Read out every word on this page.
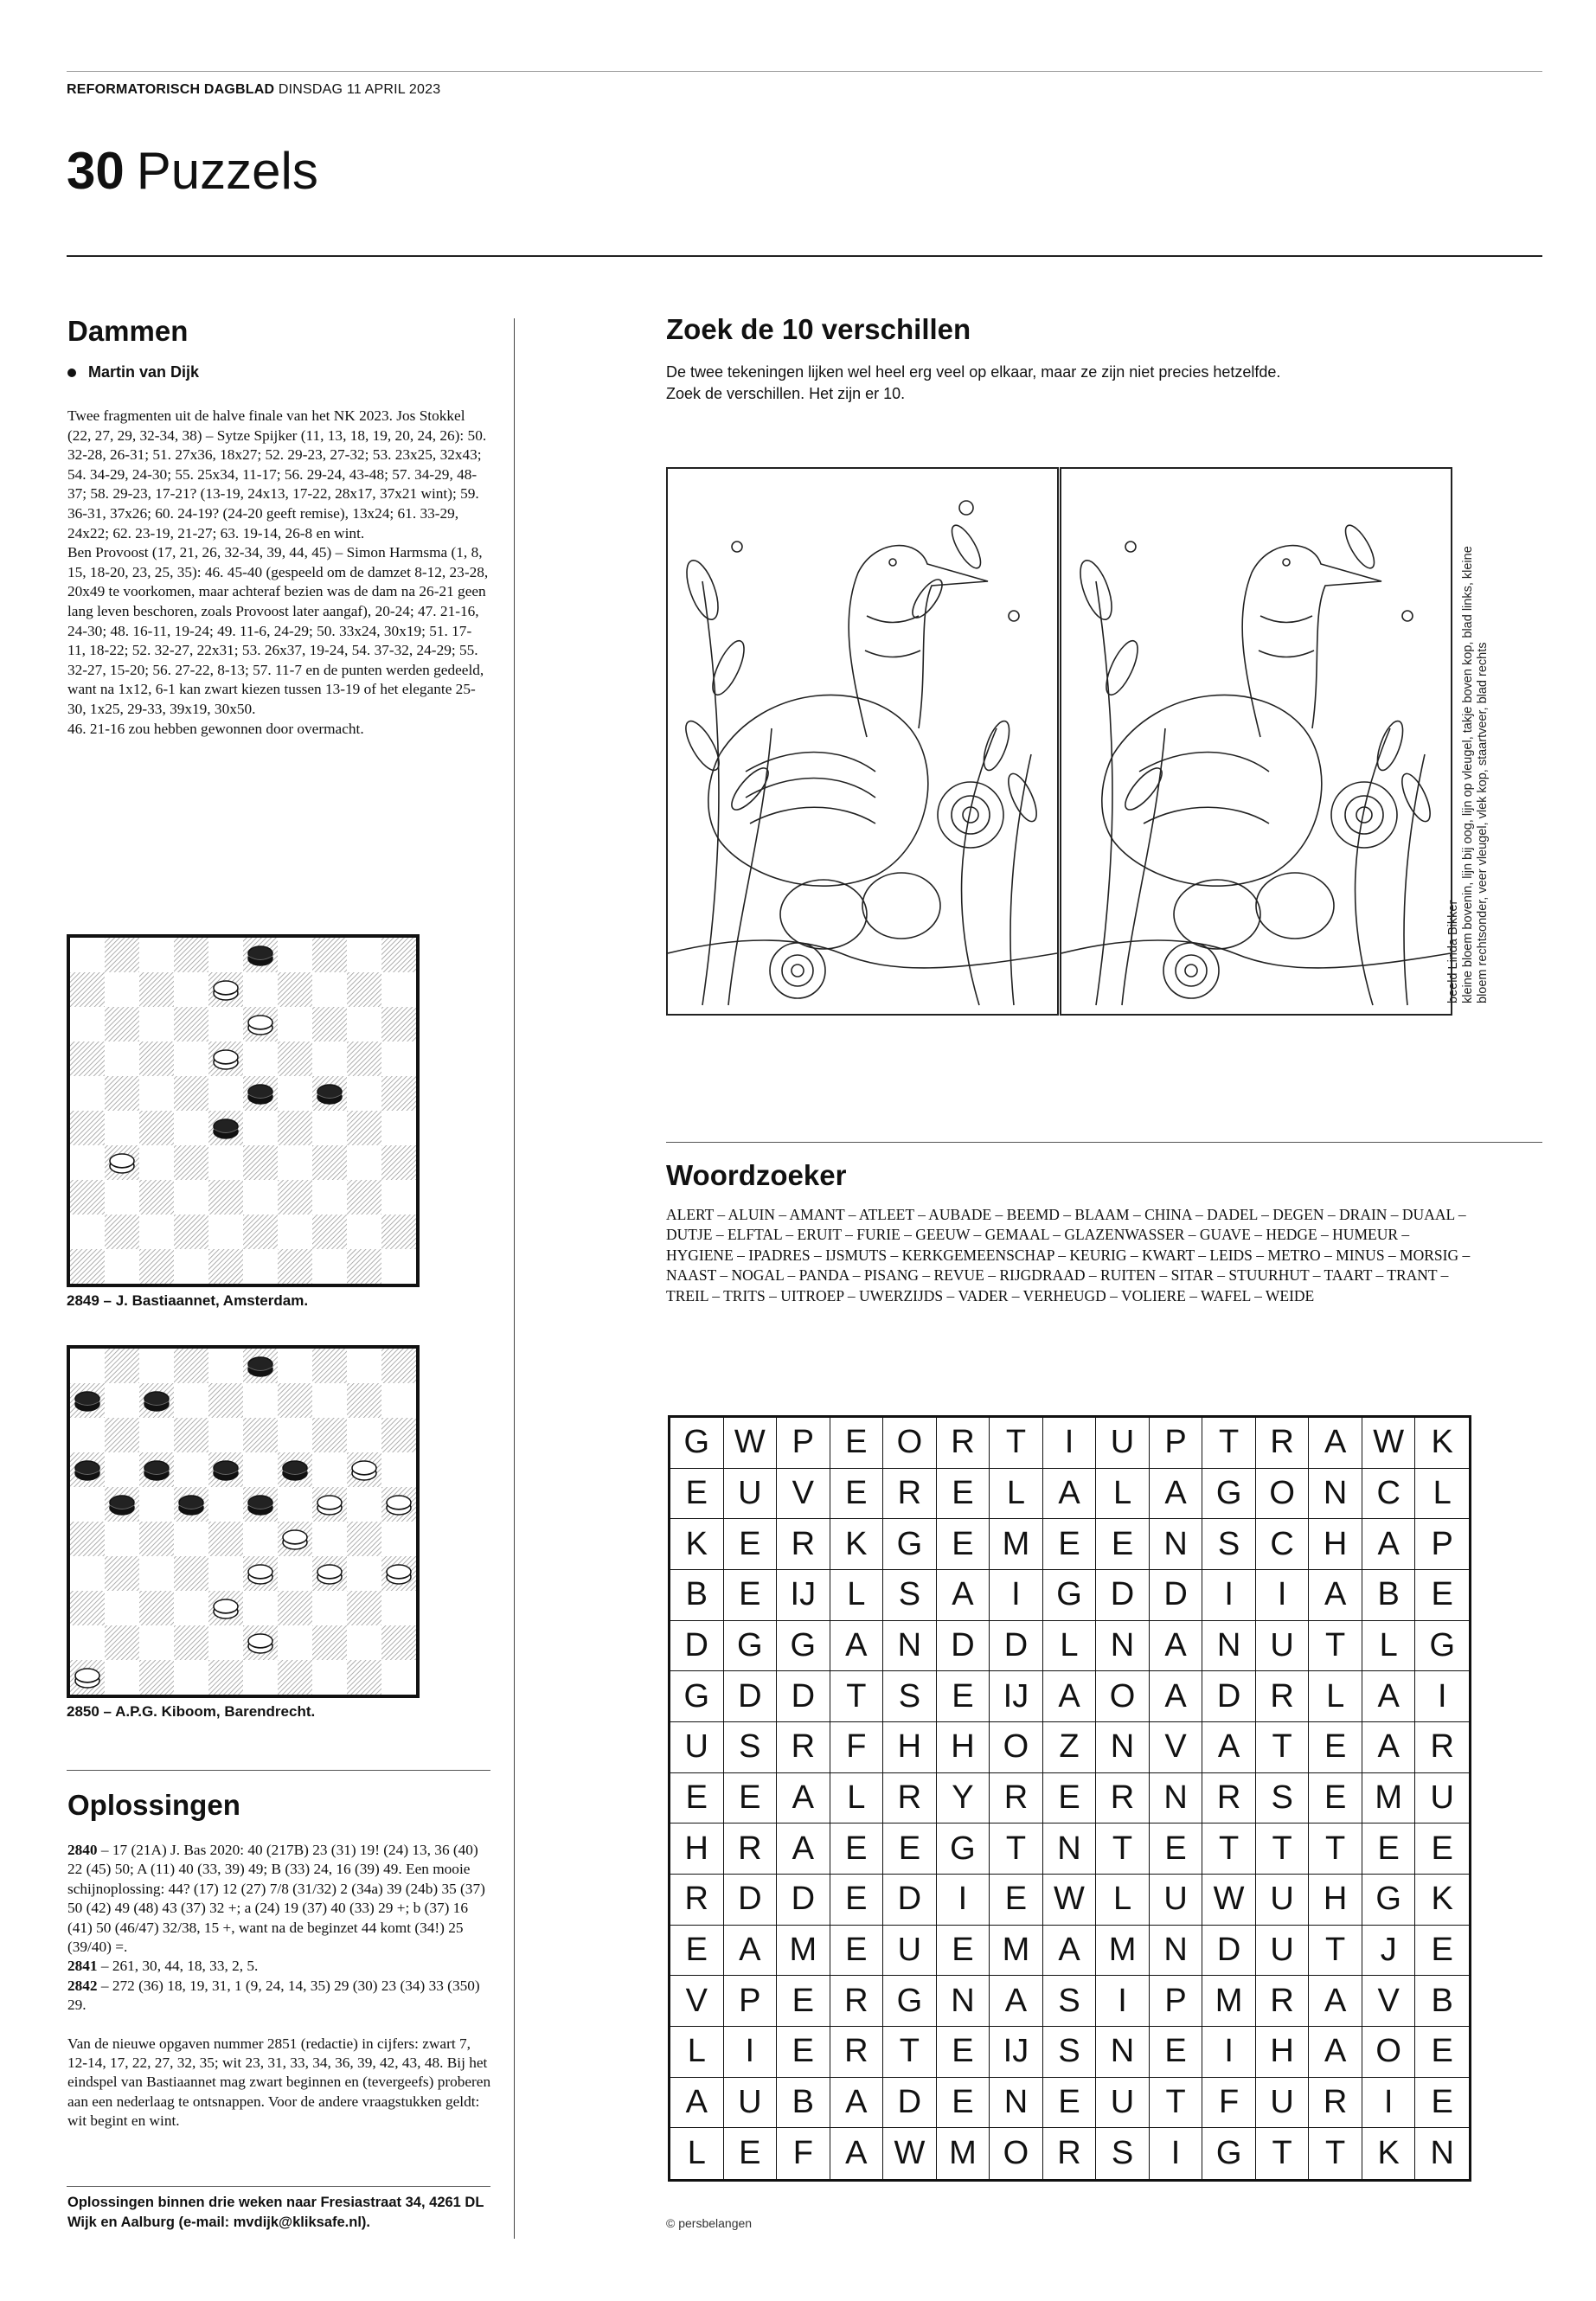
REFORMATORISCH DAGBLAD DINSDAG 11 APRIL 2023
30 Puzzels
Dammen
Martin van Dijk

Twee fragmenten uit de halve finale van het NK 2023. Jos Stokkel (22, 27, 29, 32-34, 38) – Sytze Spijker (11, 13, 18, 19, 20, 24, 26): 50. 32-28, 26-31; 51. 27x36, 18x27; 52. 29-23, 27-32; 53. 23x25, 32x43; 54. 34-29, 24-30; 55. 25x34, 11-17; 56. 29-24, 43-48; 57. 34-29, 48-37; 58. 29-23, 17-21? (13-19, 24x13, 17-22, 28x17, 37x21 wint); 59. 36-31, 37x26; 60. 24-19? (24-20 geeft remise), 13x24; 61. 33-29, 24x22; 62. 23-19, 21-27; 63. 19-14, 26-8 en wint.

Ben Provoost (17, 21, 26, 32-34, 39, 44, 45) – Simon Harmsma (1, 8, 15, 18-20, 23, 25, 35): 46. 45-40 (gespeeld om de damzet 8-12, 23-28, 20x49 te voorkomen, maar achteraf bezien was de dam na 26-21 geen lang leven beschoren, zoals Provoost later aangaf), 20-24; 47. 21-16, 24-30; 48. 16-11, 19-24; 49. 11-6, 24-29; 50. 33x24, 30x19; 51. 17-11, 18-22; 52. 32-27, 22x31; 53. 26x37, 19-24, 54. 37-32, 24-29; 55. 32-27, 15-20; 56. 27-22, 8-13; 57. 11-7 en de punten werden gedeeld, want na 1x12, 6-1 kan zwart kiezen tussen 13-19 of het elegante 25-30, 1x25, 29-33, 39x19, 30x50.

46. 21-16 zou hebben gewonnen door overmacht.

2849 – J. Bastiaannet, Amsterdam.
2850 – A.P.G. Kiboom, Barendrecht.
Oplossingen

2840 – 17 (21A) J. Bas 2020: 40 (217B) 23 (31) 19! (24) 13, 36 (40) 22 (45) 50; A (11) 40 (33, 39) 49; B (33) 24, 16 (39) 49. Een mooie schijnoplossing: 44? (17) 12 (27) 7/8 (31/32) 2 (34a) 39 (24b) 35 (37) 50 (42) 49 (48) 43 (37) 32 +; a (24) 19 (37) 40 (33) 29 +; b (37) 16 (41) 50 (46/47) 32/38, 15 +, want na de beginzet 44 komt (34!) 25 (39/40) =.

2841 – 261, 30, 44, 18, 33, 2, 5.

2842 – 272 (36) 18, 19, 31, 1 (9, 24, 14, 35) 29 (30) 23 (34) 33 (350) 29.

Van de nieuwe opgaven nummer 2851 (redactie) in cijfers: zwart 7, 12-14, 17, 22, 27, 32, 35; wit 23, 31, 33, 34, 36, 39, 42, 43, 48. Bij het eindspel van Bastiaannet mag zwart beginnen en (tevergeefs) proberen aan een nederlaag te ontsnappen. Voor de andere vraagstukken geldt: wit begint en wint.

Oplossingen binnen drie weken naar Fresiastraat 34, 4261 DL Wijk en Aalburg (e-mail: mvdijk@kliksafe.nl).
Zoek de 10 verschillen
De twee tekeningen lijken wel heel erg veel op elkaar, maar ze zijn niet precies hetzelfde.
Zoek de verschillen. Het zijn er 10.
beeld Linda Bikker kleine bloem bovenin, lijn bij oog, lijn op vleugel, takje boven kop, blad links, kleine bloem rechtsonder, veer vleugel, vlek kop, staartveer, blad rechts
Woordzoeker
ALERT – ALUIN – AMANT – ATLEET – AUBADE – BEEMD – BLAAM – CHINA – DADEL – DEGEN – DRAIN – DUAAL – DUTJE – ELFTAL – ERUIT – FURIE – GEEUW – GEMAAL – GLAZENWASSER – GUAVE – HEDGE – HUMEUR – HYGIENE – IPADRES – IJSMUTS – KERKGEMEENSCHAP – KEURIG – KWART – LEIDS – METRO – MINUS – MORSIG – NAAST – NOGAL – PANDA – PISANG – REVUE – RIJGDRAAD – RUITEN – SITAR – STUURHUT – TAART – TRANT – TREIL – TRITS – UITROEP – UWERZIJDS – VADER – VERHEUGD – VOLIERE – WAFEL – WEIDE
G W P E O R T	I	U P T R A W K
E U V E R E	L	A	L	A G O N C L
K E R K G E M E E N S C H A P
B E IJ L	S A	I	G D D	I	I	A B E
D G G A N D D L N A N U T	L G
G D D T S E IJ A O A D R L	A	I
U S R F H H O Z N V A T E A R
E E A	L R Y R E R N R S E M U
H R A E E G T N T E T	T	T E E
R D D E D	I	E W L U W U H G K
E A M E U E M A M N D U T	J	E
V P E R G N A S	I	P M R A V B
L	I	E R T E IJ S N E	I	H A O E
A U B A D E N E U T	F U R	I	E
L	E F A W M O R S	I	G T	T K N
© persbelangen
